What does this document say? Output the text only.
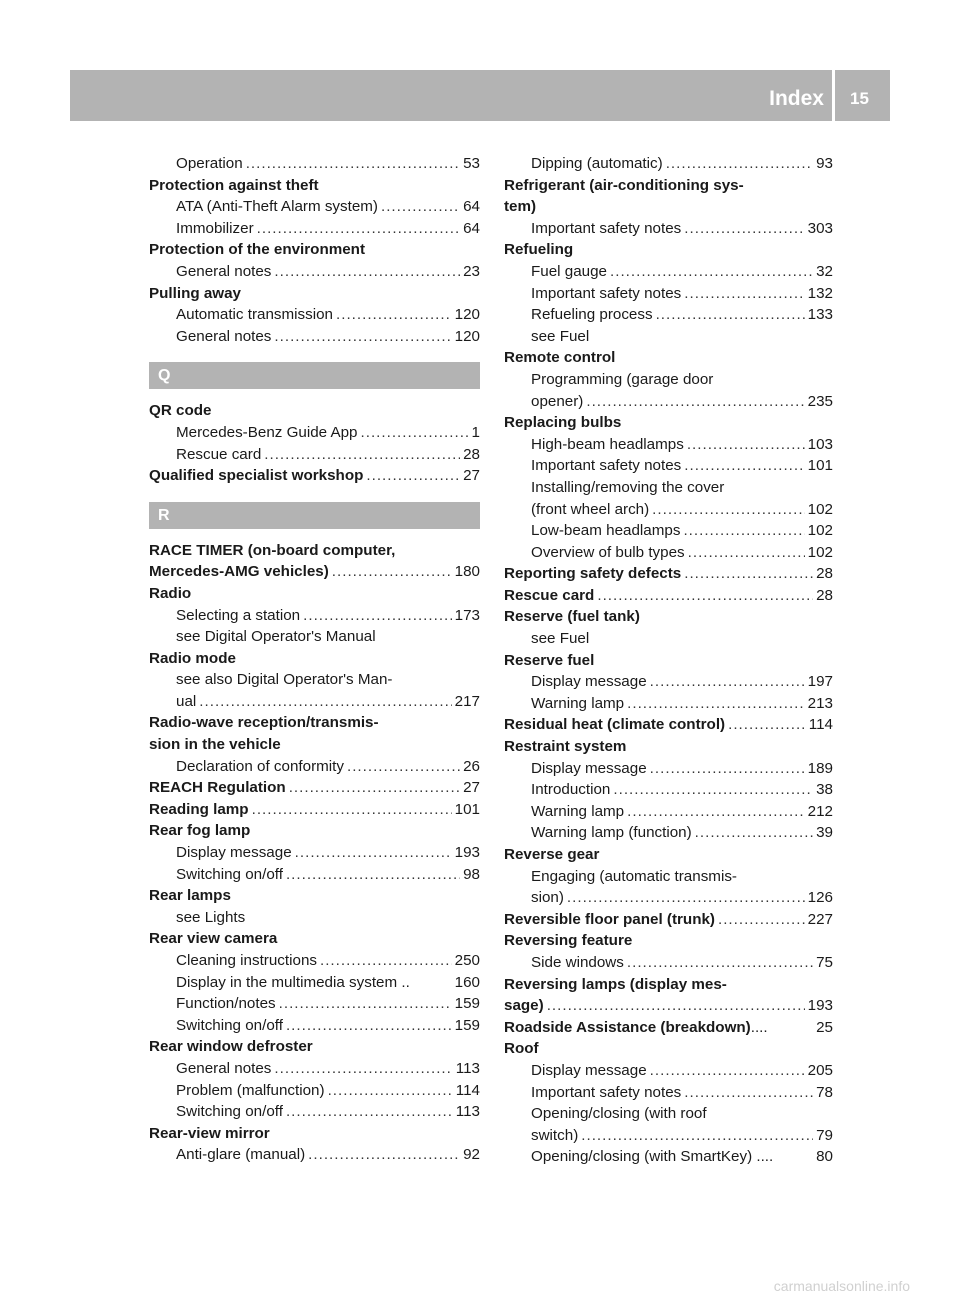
Index 15
Operation .....	53
Protection against theft
ATA (Anti-Theft Alarm system) .....	64
Immobilizer .....	64
Protection of the environment
General notes .....	23
Pulling away
Automatic transmission .....	120
General notes .....	120
Q
QR code
Mercedes-Benz Guide App .....	1
Rescue card .....	28
Qualified specialist workshop .....	27
R
RACE TIMER (on-board computer,
Mercedes-AMG vehicles) .....	180
Radio
Selecting a station .....	173
see Digital Operator's Manual
Radio mode
see also Digital Operator's Man-
ual .....	217
Radio-wave reception/transmis-
sion in the vehicle
Declaration of conformity .....	26
REACH Regulation .....	27
Reading lamp .....	101
Rear fog lamp
Display message .....	193
Switching on/off .....	98
Rear lamps
see Lights
Rear view camera
Cleaning instructions .....	250
Display in the multimedia system ..	160
Function/notes .....	159
Switching on/off .....	159
Rear window defroster
General notes .....	113
Problem (malfunction) .....	114
Switching on/off .....	113
Rear-view mirror
Anti-glare (manual) .....	92
Dipping (automatic) .....	93
Refrigerant (air-conditioning sys-
tem)
Important safety notes .....	303
Refueling
Fuel gauge .....	32
Important safety notes .....	132
Refueling process .....	133
see Fuel
Remote control
Programming (garage door
opener) .....	235
Replacing bulbs
High-beam headlamps .....	103
Important safety notes .....	101
Installing/removing the cover
(front wheel arch) .....	102
Low-beam headlamps .....	102
Overview of bulb types .....	102
Reporting safety defects .....	28
Rescue card .....	28
Reserve (fuel tank)
see Fuel
Reserve fuel
Display message .....	197
Warning lamp .....	213
Residual heat (climate control) .....	114
Restraint system
Display message .....	189
Introduction .....	38
Warning lamp .....	212
Warning lamp (function) .....	39
Reverse gear
Engaging (automatic transmis-
sion) .....	126
Reversible floor panel (trunk) .....	227
Reversing feature
Side windows .....	75
Reversing lamps (display mes-
sage) .....	193
Roadside Assistance (breakdown) ....	25
Roof
Display message .....	205
Important safety notes .....	78
Opening/closing (with roof
switch) .....	79
Opening/closing (with SmartKey) ....	80
carmanualsonline.info
